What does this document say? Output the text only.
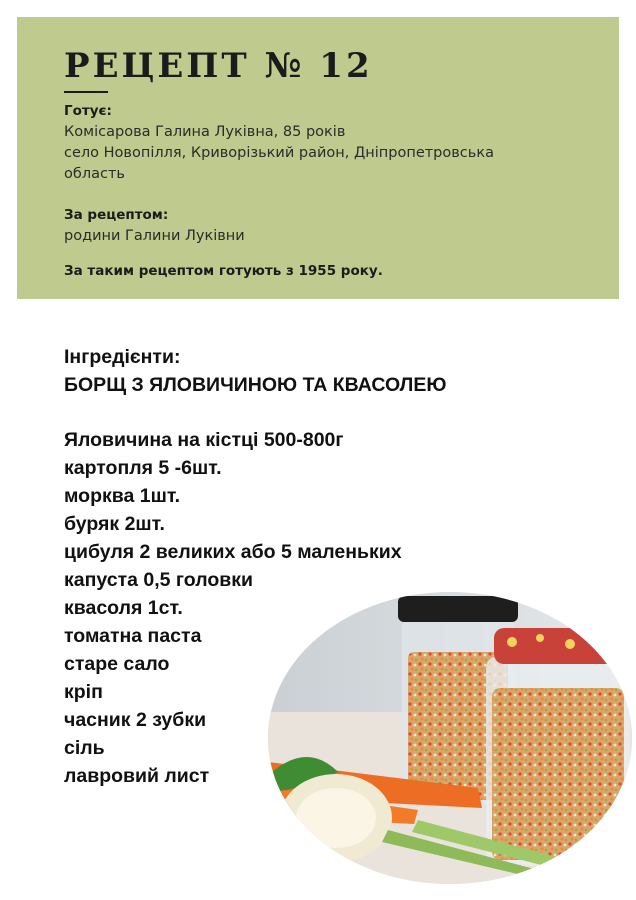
РЕЦЕПТ № 12
Готує:
Комісарова Галина Луківна, 85 років
село Новопілля, Криворізький район, Дніпропетровська
область
За рецептом:
родини Галини Луківни
За таким рецептом готують з 1955 року.
Інгредієнти:
БОРЩ З ЯЛОВИЧИНОЮ ТА КВАСОЛЕЮ
Яловичина на кістці 500-800г
картопля 5 -6шт.
морква 1шт.
буряк 2шт.
цибуля 2 великих або 5 маленьких
капуста 0,5 головки
квасоля 1ст.
томатна паста
старе сало
кріп
часник 2 зубки
сіль
лавровий лист
